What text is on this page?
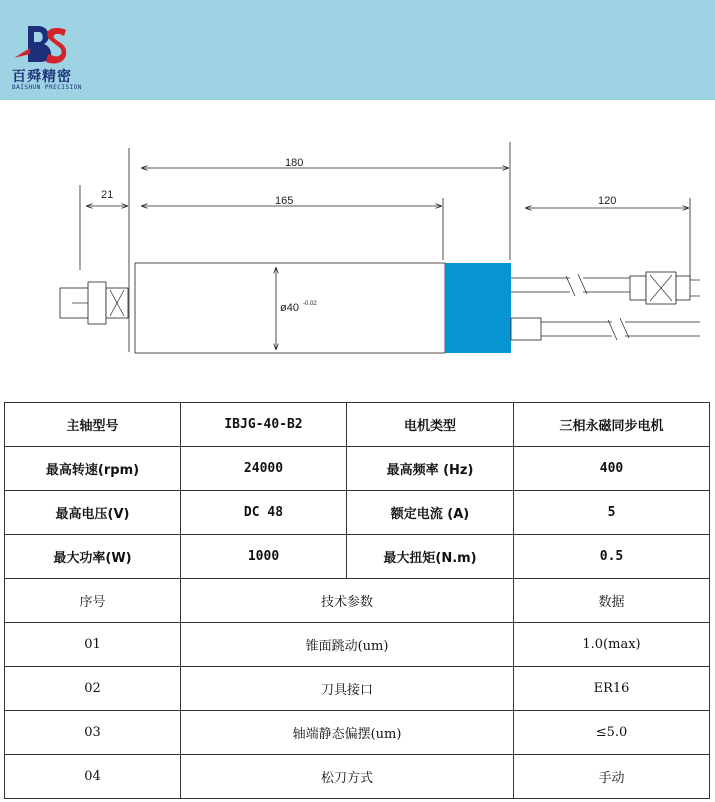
百舜精密
BAISHUN PRECISION
180
165
21	120
ø40 -0.02
主轴型号	IBJG-40-B2	电机类型	三相永磁同步电机
最高转速(rpm)	24000	最高频率 (Hz)	400
最高电压(V)	DC 48	额定电流 (A)	5
最大功率(W)	1000	最大扭矩(N.m)	0.5
序号	技术参数		数据
01	锥面跳动(um)		1.0(max)
02	刀具接口		ER16
03	轴端静态偏摆(um)		≤5.0
04	松刀方式		手动
